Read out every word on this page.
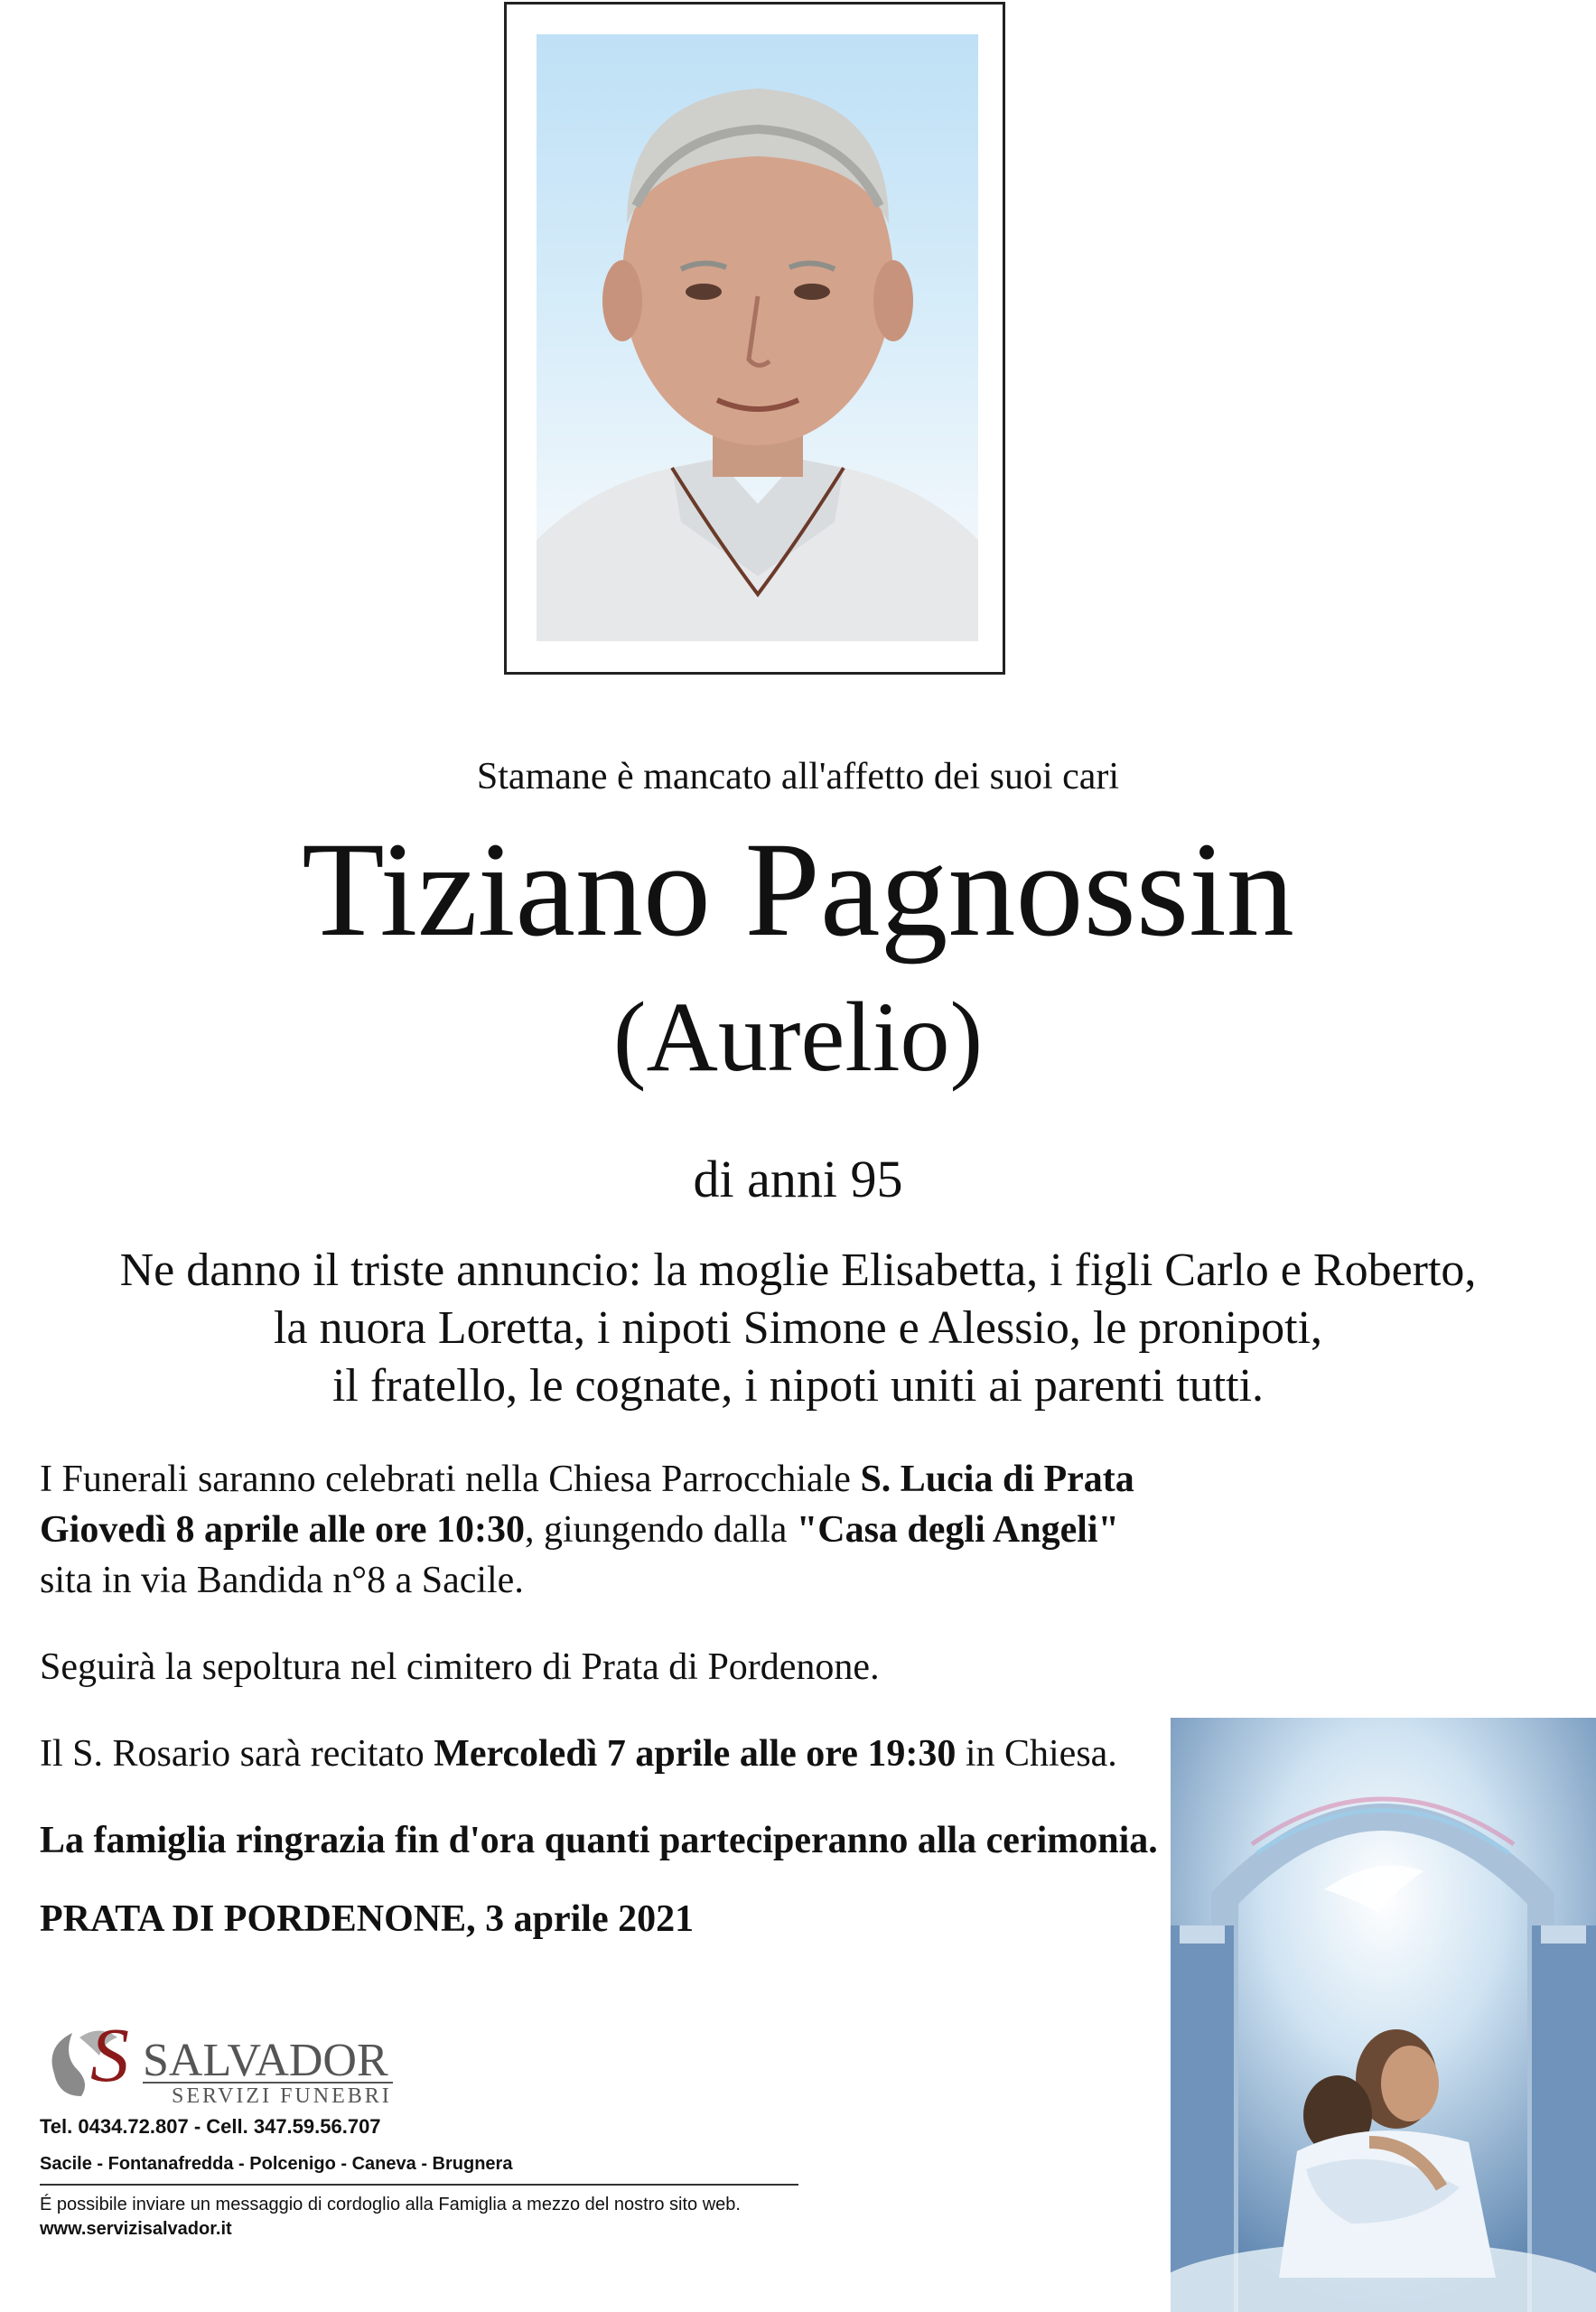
Stamane è mancato all'affetto dei suoi cari
Tiziano Pagnossin
(Aurelio)
di anni 95
Ne danno il triste annuncio: la moglie Elisabetta, i figli Carlo e Roberto,
la nuora Loretta, i nipoti Simone e Alessio, le pronipoti,
il fratello, le cognate, i nipoti uniti ai parenti tutti.
I Funerali saranno celebrati nella Chiesa Parrocchiale S. Lucia di Prata
Giovedì 8 aprile alle ore 10:30, giungendo dalla "Casa degli Angeli"
sita in via Bandida n°8 a Sacile.
Seguirà la sepoltura nel cimitero di Prata di Pordenone.
Il S. Rosario sarà recitato Mercoledì 7 aprile alle ore 19:30 in Chiesa.
La famiglia ringrazia fin d'ora quanti parteciperanno alla cerimonia.
PRATA DI PORDENONE, 3 aprile 2021
S SALVADOR
SERVIZI FUNEBRI
Tel. 0434.72.807 - Cell. 347.59.56.707
Sacile - Fontanafredda - Polcenigo - Caneva - Brugnera
É possibile inviare un messaggio di cordoglio alla Famiglia a mezzo del nostro sito web.
www.servizisalvador.it
